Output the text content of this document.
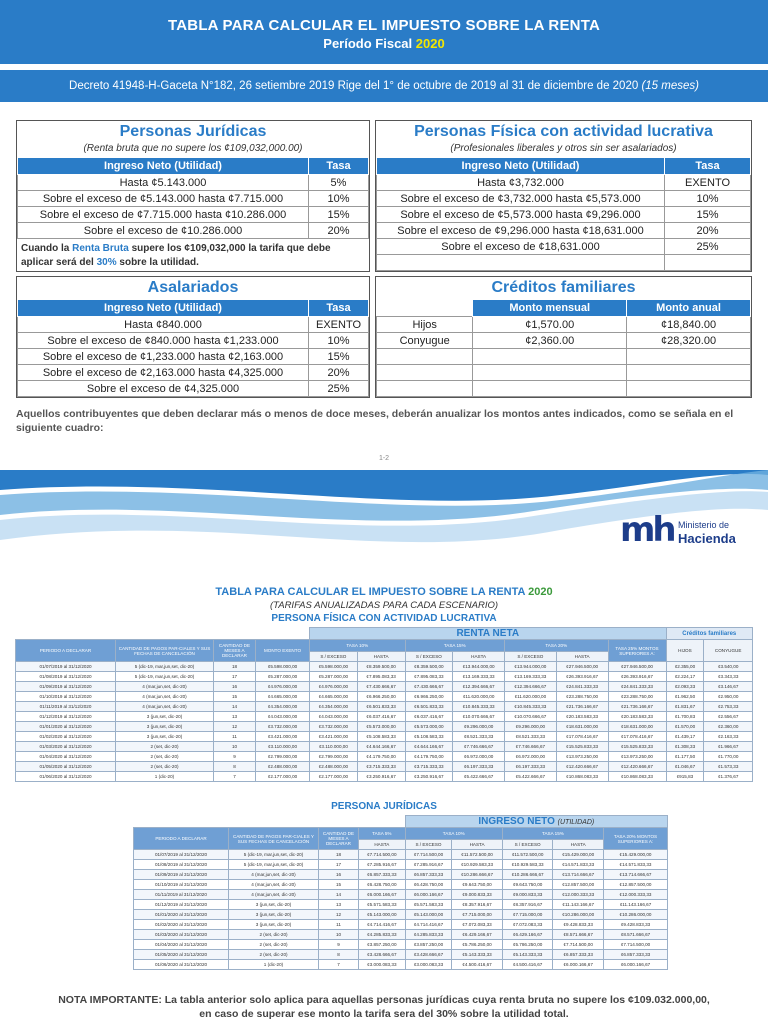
TABLA PARA CALCULAR EL IMPUESTO SOBRE LA RENTA
Período Fiscal 2020
Decreto 41948-H-Gaceta N°182, 26 setiembre 2019 Rige del 1° de octubre de 2019 al 31 de diciembre de 2020 (15 meses)
Personas Jurídicas
(Renta bruta que no supere los ¢109,032,000.00)
Ingreso Neto (Utilidad)	Tasa
Hasta ¢5.143.000	5%
Sobre el exceso de ¢5.143.000 hasta ¢7.715.000	10%
Sobre el exceso de ¢7.715.000 hasta ¢10.286.000	15%
Sobre el exceso de ¢10.286.000	20%
Cuando la Renta Bruta supere los ¢109,032,000 la tarifa que debe aplicar será del 30% sobre la utilidad.
Personas Física con actividad lucrativa
(Profesionales liberales y otros sin ser asalariados)
Ingreso Neto (Utilidad)	Tasa
Hasta ¢3,732.000	EXENTO
Sobre el exceso de ¢3,732.000 hasta ¢5,573.000	10%
Sobre el exceso de ¢5,573.000 hasta ¢9,296.000	15%
Sobre el exceso de ¢9,296.000 hasta ¢18,631.000	20%
Sobre el exceso de ¢18,631.000	25%

Asalariados
Ingreso Neto (Utilidad)	Tasa
Hasta ¢840.000	EXENTO
Sobre el exceso de ¢840.000 hasta ¢1,233.000	10%
Sobre el exceso de ¢1,233.000 hasta ¢2,163.000	15%
Sobre el exceso de ¢2,163.000 hasta ¢4,325.000	20%
Sobre el exceso de ¢4,325.000	25%
Créditos familiares
	Monto mensual	Monto anual
Hijos	¢1,570.00	¢18,840.00
Conyugue	¢2,360.00	¢28,320.00

Aquellos contribuyentes que deben declarar más o menos de doce meses, deberán anualizar los montos antes indicados, como se señala en el siguiente cuadro:
1-2
mh Ministerio de
Hacienda
TABLA PARA CALCULAR EL IMPUESTO SOBRE LA RENTA 2020
(TARIFAS ANUALIZADAS PARA CADA ESCENARIO)
PERSONA FÍSICA CON ACTIVIDAD LUCRATIVA
				RENTA NETA							Créditos familiares	
PERIODO A DECLARAR	CANTIDAD DE PAGOS PAR-CIALES Y SUS FECHAS DE CANCELACIÓN	CANTIDAD DE MESES A DECLARAR	MONTO EXENTO	TASA 10%		TASA 15%		TASA 20%		TASA 25% MONTOS SUPERIORES A:	HIJOS	CONYUGUE
				S / EXCESO	HASTA	S / EXCESO	HASTA	S / EXCESO	HASTA			
01/07/2019 al 31/12/2020	5 (dic-19, mar,jun,set, dic-20)	18	¢5.598.000,00	¢5.598.000,00	¢8.359.500,00	¢8.359.500,00	¢13.944.000,00	¢13.944.000,00	¢27.946.500,00	¢27.946.500,00	¢2.355,00	¢3.540,00
01/08/2019 al 31/12/2020	5 (dic-19, mar,jun,set, dic-20)	17	¢5.287.000,00	¢5.287.000,00	¢7.895.083,33	¢7.895.083,33	¢13.169.333,33	¢13.169.333,33	¢26.393.916,67	¢26.393.916,67	¢2.224,17	¢3.343,33
01/09/2019 al 31/12/2020	4 (mar,jun,set, dic-20)	16	¢4.976.000,00	¢4.976.000,00	¢7.430.666,67	¢7.430.666,67	¢12.394.666,67	¢12.394.666,67	¢24.841.333,33	¢24.841.333,33	¢2.093,33	¢3.146,67
01/10/2019 al 31/12/2020	4 (mar,jun,set, dic-20)	15	¢4.665.000,00	¢4.665.000,00	¢6.966.250,00	¢6.966.250,00	¢11.620.000,00	¢11.620.000,00	¢23.288.750,00	¢23.288.750,00	¢1.962,50	¢2.950,00
01/11/2019 al 31/12/2020	4 (mar,jun,set, dic-20)	14	¢4.354.000,00	¢4.354.000,00	¢6.501.833,33	¢6.501.833,33	¢10.845.333,33	¢10.845.333,33	¢21.736.166,67	¢21.736.166,67	¢1.831,67	¢2.753,33
01/12/2019 al 31/12/2020	3 (jun,set, dic-20)	13	¢4.043.000,00	¢4.043.000,00	¢6.037.416,67	¢6.037.416,67	¢10.070.666,67	¢10.070.666,67	¢20.183.583,33	¢20.183.583,33	¢1.700,83	¢2.556,67
01/01/2020 al 31/12/2020	3 (jun,set, dic-20)	12	¢3.732.000,00	¢3.732.000,00	¢5.573.000,00	¢5.573.000,00	¢9.296.000,00	¢9.296.000,00	¢18.631.000,00	¢18.631.000,00	¢1.570,00	¢2.360,00
01/02/2020 al 31/12/2020	3 (jun,set, dic-20)	11	¢3.421.000,00	¢3.421.000,00	¢5.108.583,33	¢5.108.583,33	¢8.521.333,33	¢8.521.333,33	¢17.078.416,67	¢17.078.416,67	¢1.439,17	¢2.163,33
01/03/2020 al 31/12/2020	2 (set, dic-20)	10	¢3.110.000,00	¢3.110.000,00	¢4.644.166,67	¢4.644.166,67	¢7.746.666,67	¢7.746.666,67	¢15.525.833,33	¢15.525.833,33	¢1.308,33	¢1.966,67
01/04/2020 al 31/12/2020	2 (set, dic-20)	9	¢2.799.000,00	¢2.799.000,00	¢4.179.750,00	¢4.179.750,00	¢6.972.000,00	¢6.972.000,00	¢13.973.250,00	¢13.973.250,00	¢1.177,50	¢1.770,00
01/05/2020 al 31/12/2020	2 (set, dic-20)	8	¢2.488.000,00	¢2.488.000,00	¢3.715.333,33	¢3.715.333,33	¢6.197.333,33	¢6.197.333,33	¢12.420.666,67	¢12.420.666,67	¢1.046,67	¢1.573,33
01/06/2020 al 31/12/2020	1 (dic-20)	7	¢2.177.000,00	¢2.177.000,00	¢3.250.916,67	¢3.250.916,67	¢5.422.666,67	¢5.422.666,67	¢10.868.083,33	¢10.868.083,33	¢915,83	¢1.376,67
PERSONA JURÍDICAS
				INGRESO NETO (UTILIDAD)				
PERIODO A DECLARAR	CANTIDAD DE PAGOS PAR-CIALES Y SUS FECHAS DE CANCELACIÓN	CANTIDAD DE MESES A DECLARAR	TASA 5%	TASA 10%		TASA 15%		TASA 20% MONTOS SUPERIORES A:
			HASTA	S / EXCESO	HASTA	S / EXCESO	HASTA	
01/07/2019 al 31/12/2020	5 (dic-19, mar,jun,set, dic-20)	18	¢7.714.500,00	¢7.714.500,00	¢11.572.500,00	¢11.572.500,00	¢15.429.000,00	¢15.429.000,00
01/08/2019 al 31/12/2020	5 (dic-19, mar,jun,set, dic-20)	17	¢7.285.916,67	¢7.285.916,67	¢10.929.583,33	¢10.929.583,33	¢14.571.833,33	¢14.571.833,33
01/09/2019 al 31/12/2020	4 (mar,jun,set, dic-20)	16	¢6.857.333,33	¢6.857.333,33	¢10.286.666,67	¢10.286.666,67	¢13.714.666,67	¢13.714.666,67
01/10/2019 al 31/12/2020	4 (mar,jun,set, dic-20)	15	¢6.428.750,00	¢6.428.750,00	¢9.643.750,00	¢9.643.750,00	¢12.857.500,00	¢12.857.500,00
01/11/2019 al 31/12/2020	4 (mar,jun,set, dic-20)	14	¢6.000.166,67	¢6.000.166,67	¢9.000.833,33	¢9.000.833,33	¢12.000.333,33	¢12.000.333,33
01/12/2019 al 31/12/2020	3 (jun,set, dic-20)	13	¢5.571.583,33	¢5.571.583,33	¢8.357.916,67	¢8.357.916,67	¢11.143.166,67	¢11.143.166,67
01/01/2020 al 31/12/2020	3 (jun,set, dic-20)	12	¢5.143.000,00	¢5.143.000,00	¢7.715.000,00	¢7.715.000,00	¢10.286.000,00	¢10.286.000,00
01/02/2020 al 31/12/2020	3 (jun,set, dic-20)	11	¢4.714.416,67	¢4.714.416,67	¢7.072.083,33	¢7.072.083,33	¢9.428.833,33	¢9.428.833,33
01/03/2020 al 31/12/2020	2 (set, dic-20)	10	¢4.285.833,33	¢4.285.833,33	¢6.429.166,67	¢6.429.166,67	¢8.571.666,67	¢8.571.666,67
01/04/2020 al 31/12/2020	2 (set, dic-20)	9	¢3.857.250,00	¢3.857.250,00	¢5.786.250,00	¢5.786.250,00	¢7.714.500,00	¢7.714.500,00
01/05/2020 al 31/12/2020	2 (set, dic-20)	8	¢3.428.666,67	¢3.428.666,67	¢5.143.333,33	¢5.143.333,33	¢6.857.333,33	¢6.857.333,33
01/06/2020 al 31/12/2020	1 (dic-20)	7	¢3.000.083,33	¢3.000.083,33	¢4.500.416,67	¢4.500.416,67	¢6.000.166,67	¢6.000.166,67
NOTA IMPORTANTE: La tabla anterior solo aplica para aquellas personas jurídicas cuya renta bruta no supere los ¢109.032.000,00,
en caso de superar ese monto la tarifa sera del 30% sobre la utilidad total.
